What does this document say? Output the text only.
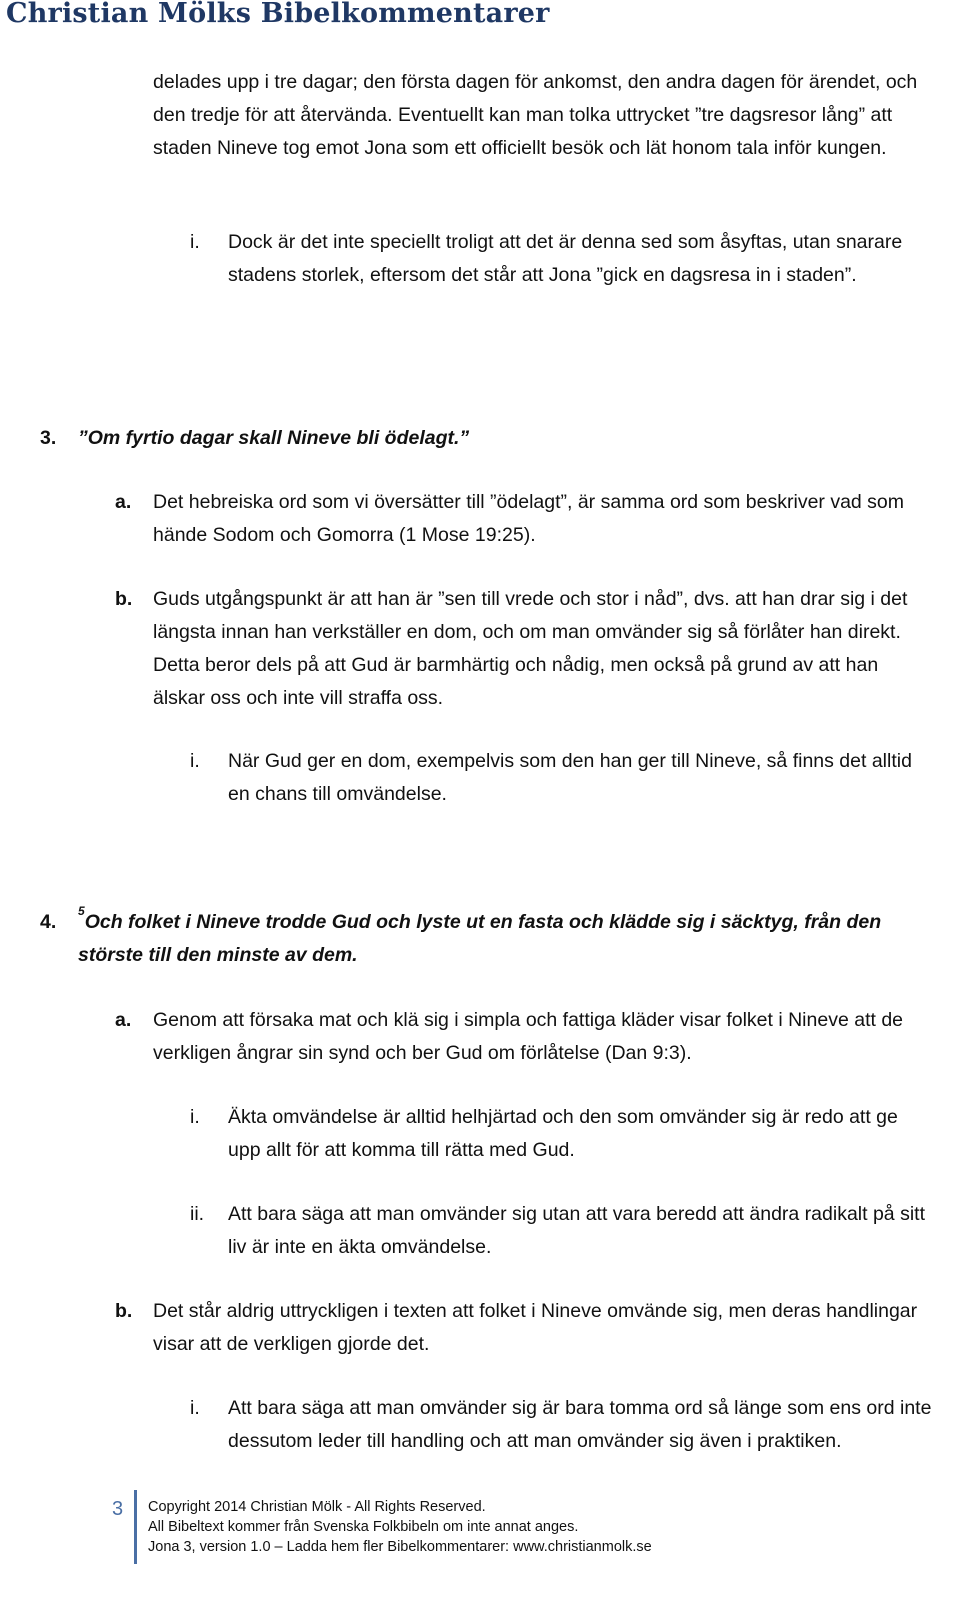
Christian Mölks Bibelkommentarer

delades upp i tre dagar; den första dagen för ankomst, den andra dagen för ärendet, och den tredje för att återvända. Eventuellt kan man tolka uttrycket ”tre dagsresor lång” att staden Nineve tog emot Jona som ett officiellt besök och lät honom tala inför kungen.

i. Dock är det inte speciellt troligt att det är denna sed som åsyftas, utan snarare stadens storlek, eftersom det står att Jona ”gick en dagsresa in i staden”.

3. ”Om fyrtio dagar skall Nineve bli ödelagt.”

a. Det hebreiska ord som vi översätter till ”ödelagt”, är samma ord som beskriver vad som hände Sodom och Gomorra (1 Mose 19:25).

b. Guds utgångspunkt är att han är ”sen till vrede och stor i nåd”, dvs. att han drar sig i det längsta innan han verkställer en dom, och om man omvänder sig så förlåter han direkt. Detta beror dels på att Gud är barmhärtig och nådig, men också på grund av att han älskar oss och inte vill straffa oss.

i. När Gud ger en dom, exempelvis som den han ger till Nineve, så finns det alltid en chans till omvändelse.

4. $^5$Och folket i Nineve trodde Gud och lyste ut en fasta och klädde sig i säcktyg, från den störste till den minste av dem.

a. Genom att försaka mat och klä sig i simpla och fattiga kläder visar folket i Nineve att de verkligen ångrar sin synd och ber Gud om förlåtelse (Dan 9:3).

i. Äkta omvändelse är alltid helhjärtad och den som omvänder sig är redo att ge upp allt för att komma till rätta med Gud.

ii. Att bara säga att man omvänder sig utan att vara beredd att ändra radikalt på sitt liv är inte en äkta omvändelse.

b. Det står aldrig uttryckligen i texten att folket i Nineve omvände sig, men deras handlingar visar att de verkligen gjorde det.

i. Att bara säga att man omvänder sig är bara tomma ord så länge som ens ord inte dessutom leder till handling och att man omvänder sig även i praktiken.

3 Copyright 2014 Christian Mölk - All Rights Reserved.
All Bibeltext kommer från Svenska Folkbibeln om inte annat anges.
Jona 3, version 1.0 – Ladda hem fler Bibelkommentarer: www.christianmolk.se
